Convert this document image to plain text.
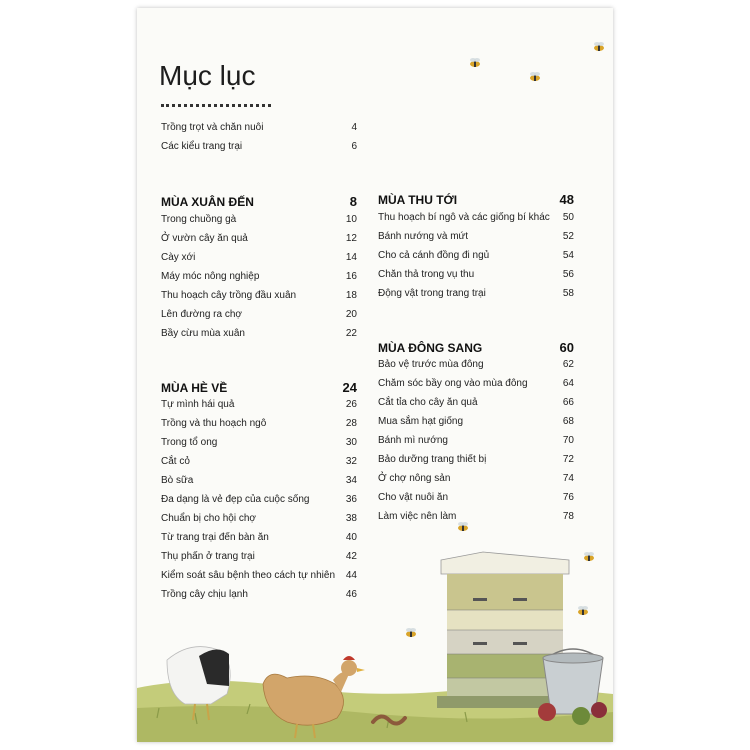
Mục lục
Trồng trọt và chăn nuôi	4
Các kiểu trang trại	6
MÙA XUÂN ĐẾN	8
Trong chuồng gà	10
Ở vườn cây ăn quả	12
Cày xới	14
Máy móc nông nghiệp	16
Thu hoạch cây trồng đầu xuân	18
Lên đường ra chợ	20
Bầy cừu mùa xuân	22
MÙA HÈ VỀ	24
Tự mình hái quả	26
Trồng và thu hoạch ngô	28
Trong tổ ong	30
Cắt cỏ	32
Bò sữa	34
Đa dạng là vẻ đẹp của cuộc sống	36
Chuẩn bị cho hội chợ	38
Từ trang trại đến bàn ăn	40
Thụ phấn ở trang trại	42
Kiểm soát sâu bệnh theo cách tự nhiên 44
Trồng cây chịu lạnh	46
MÙA THU TỚI	48
Thu hoạch bí ngô và các giống bí khác 50
Bánh nướng và mứt	52
Cho cả cánh đồng đi ngủ	54
Chăn thả trong vụ thu	56
Động vật trong trang trại	58
MÙA ĐÔNG SANG	60
Bảo vệ trước mùa đông	62
Chăm sóc bầy ong vào mùa đông	64
Cắt tỉa cho cây ăn quả	66
Mua sắm hạt giống	68
Bánh mì nướng	70
Bảo dưỡng trang thiết bị	72
Ở chợ nông sản	74
Cho vật nuôi ăn	76
Làm việc nên làm	78
